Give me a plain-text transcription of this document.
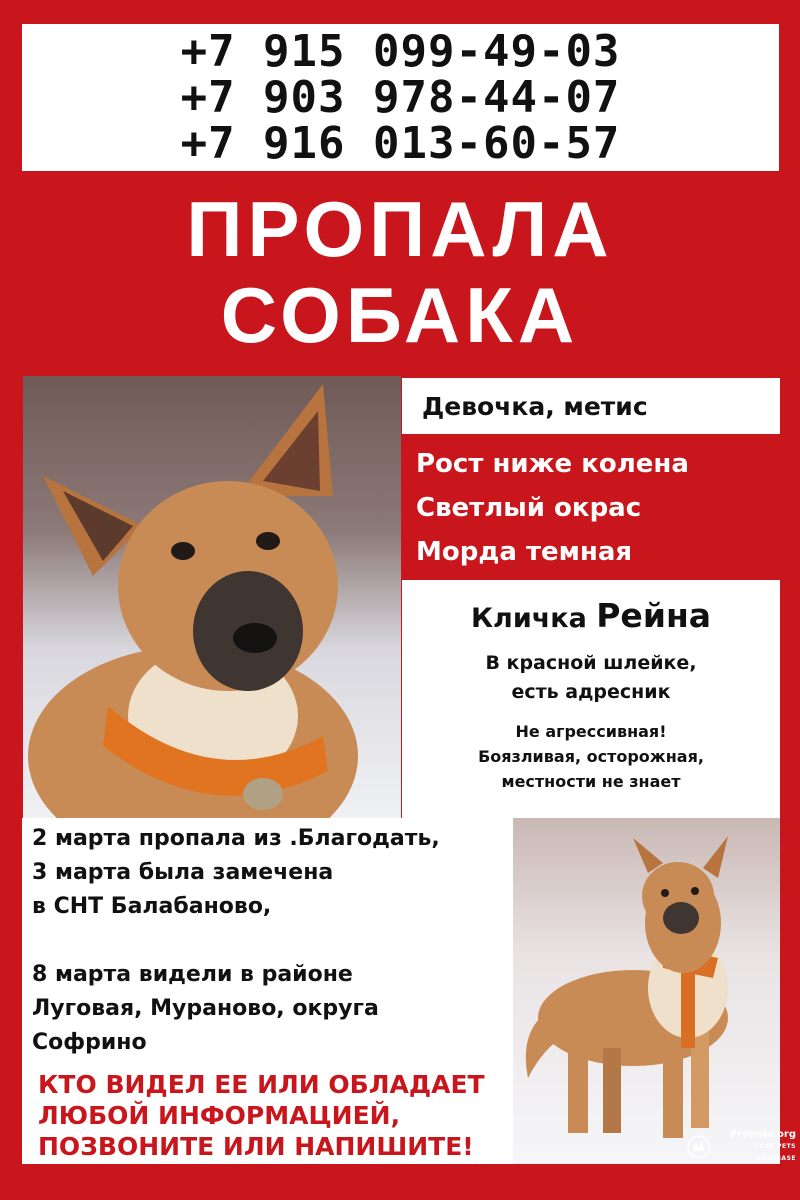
+7 915 099-49-03
+7 903 978-44-07
+7 916 013-60-57
ПРОПАЛА
СОБАКА
Девочка, метис
Рост ниже колена
Светлый окрас
Морда темная
Кличка Рейна
В красной шлейке,
есть адресник
Не агрессивная!
Боязливая, осторожная,
местности не знает

2 марта пропала из .Благодать,

3 марта была замечена

в СНТ Балабаново,

8 марта видели в районе

Луговая, Мураново, округа

Софрино

КТО ВИДЕЛ ЕЕ ИЛИ ОБЛАДАЕТ

ЛЮБОЙ ИНФОРМАЦИЕЙ,

ПОЗВОНИТЕ ИЛИ НАПИШИТЕ!	Propala.org
LOST PETS DATABASE
